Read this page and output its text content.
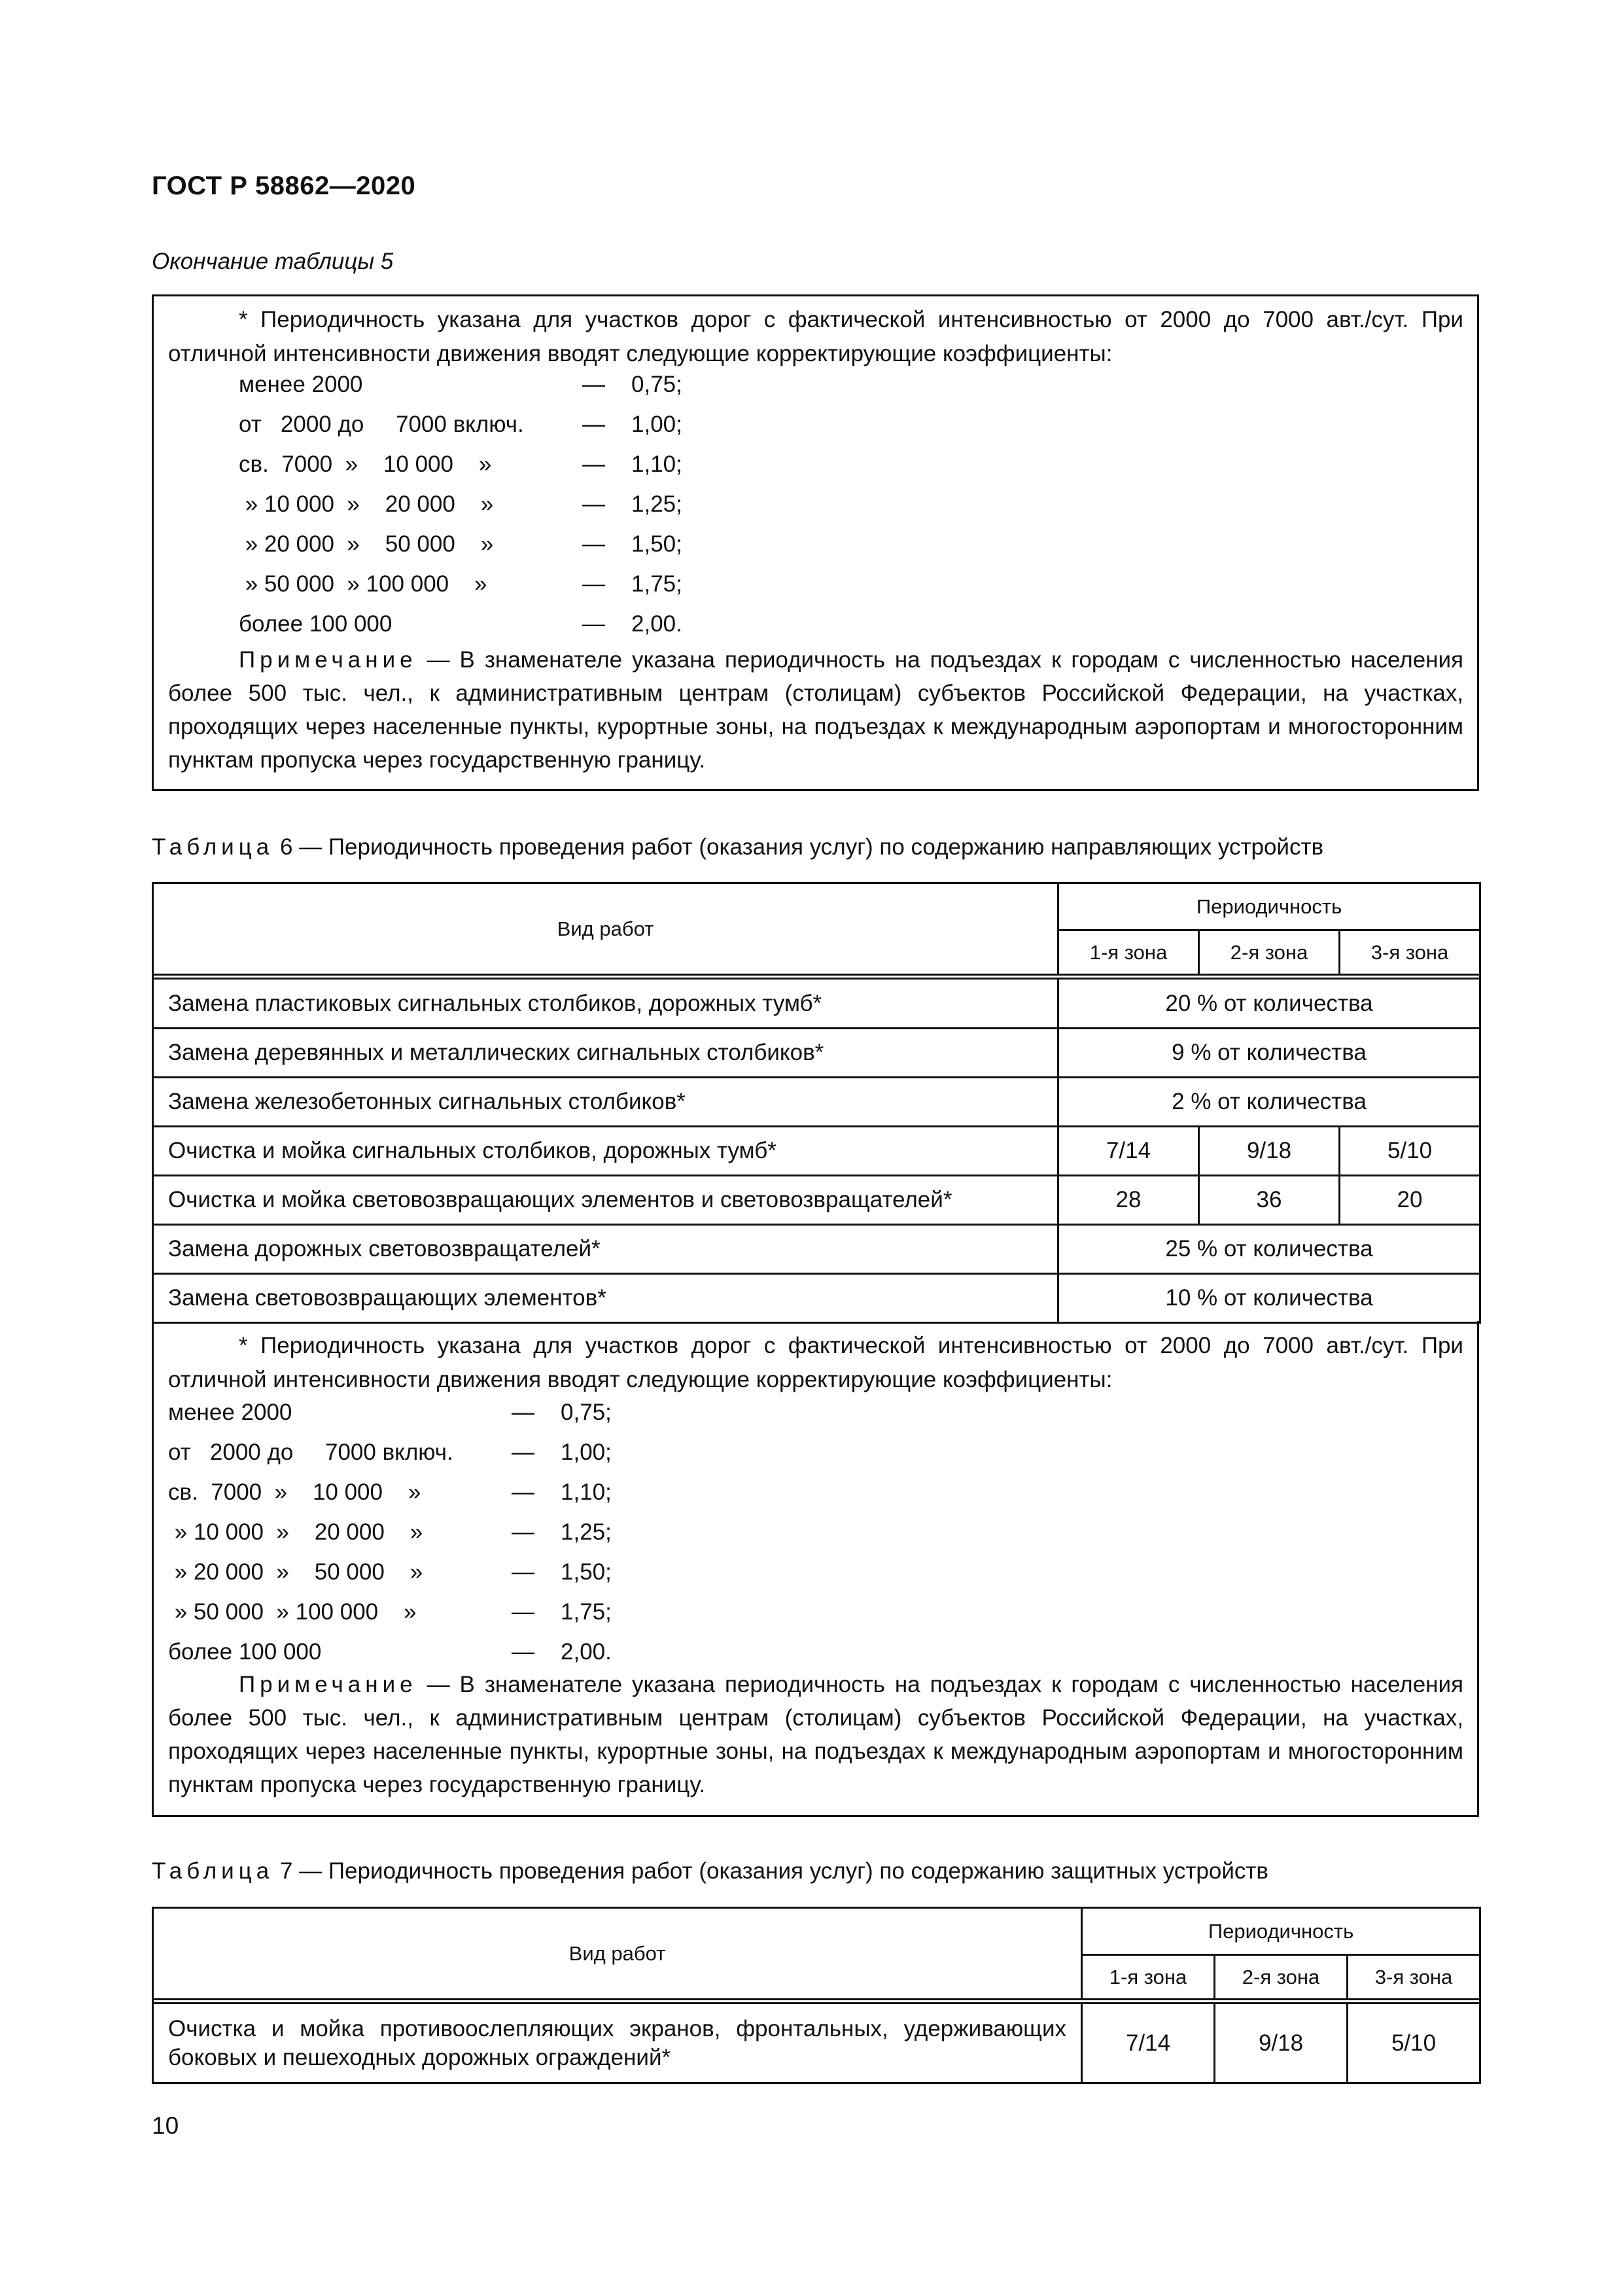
ГОСТ Р 58862—2020
Окончание таблицы 5
* Периодичность указана для участков дорог с фактической интенсивностью от 2000 до 7000 авт./сут. При отличной интенсивности движения вводят следующие корректирующие коэффициенты:
менее 2000	— 0,75;
от   2000 до     7000 включ.	— 1,00;
св.  7000  »    10 000    »	— 1,10;
» 10 000  »    20 000    »	— 1,25;
» 20 000  »    50 000    »	— 1,50;
» 50 000  » 100 000    »	— 1,75;
более 100 000	— 2,00.
Примечание — В знаменателе указана периодичность на подъездах к городам с численностью населения более 500 тыс. чел., к административным центрам (столицам) субъектов Российской Федерации, на участках, проходящих через населенные пункты, курортные зоны, на подъездах к международным аэропортам и многосторонним пунктам пропуска через государственную границу.
Таблица 6 — Периодичность проведения работ (оказания услуг) по содержанию направляющих устройств
Вид работ	Периодичность		
	1-я зона	2-я зона	3-я зона

Замена пластиковых сигнальных столбиков, дорожных тумб*	20 % от количества		
Замена деревянных и металлических сигнальных столбиков*	9 % от количества		
Замена железобетонных сигнальных столбиков*	2 % от количества		
Очистка и мойка сигнальных столбиков, дорожных тумб*	7/14	9/18	5/10
Очистка и мойка световозвращающих элементов и световозвращателей*	28	36	20
Замена дорожных световозвращателей*	25 % от количества		
Замена световозвращающих элементов*	10 % от количества		
* Периодичность указана для участков дорог с фактической интенсивностью от 2000 до 7000 авт./сут. При отличной интенсивности движения вводят следующие корректирующие коэффициенты:
менее 2000	— 0,75;
от   2000 до     7000 включ.	— 1,00;
св.  7000  »    10 000    »	— 1,10;
» 10 000  »    20 000    »	— 1,25;
» 20 000  »    50 000    »	— 1,50;
» 50 000  » 100 000    »	— 1,75;
более 100 000	— 2,00.
Примечание — В знаменателе указана периодичность на подъездах к городам с численностью населения более 500 тыс. чел., к административным центрам (столицам) субъектов Российской Федерации, на участках, проходящих через населенные пункты, курортные зоны, на подъездах к международным аэропортам и многосторонним пунктам пропуска через государственную границу.
Таблица 7 — Периодичность проведения работ (оказания услуг) по содержанию защитных устройств
Вид работ	Периодичность		
	1-я зона	2-я зона	3-я зона

Очистка и мойка противоослепляющих экранов, фронтальных, удерживающих боковых и пешеходных дорожных ограждений*	7/14	9/18	5/10
10
